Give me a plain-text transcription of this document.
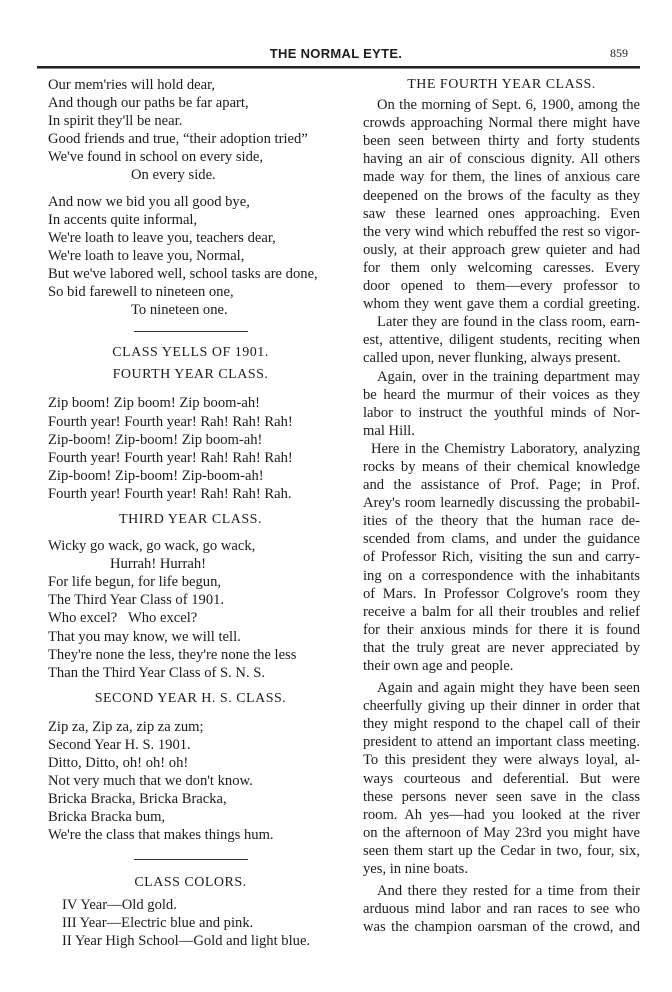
THE NORMAL EYTE.	859
Our mem'ries will hold dear,
And though our paths be far apart,
In spirit they'll be near.
Good friends and true, “their adoption tried”
We've found in school on every side,
On every side.
And now we bid you all good bye,
In accents quite informal,
We're loath to leave you, teachers dear,
We're loath to leave you, Normal,
But we've labored well, school tasks are done,
So bid farewell to nineteen one,
To nineteen one.
CLASS YELLS OF 1901.
FOURTH YEAR CLASS.
Zip boom! Zip boom! Zip boom-ah!
Fourth year! Fourth year! Rah! Rah! Rah!
Zip-boom! Zip-boom! Zip boom-ah!
Fourth year! Fourth year! Rah! Rah! Rah!
Zip-boom! Zip-boom! Zip-boom-ah!
Fourth year! Fourth year! Rah! Rah! Rah.
THIRD YEAR CLASS.
Wicky go wack, go wack, go wack,
Hurrah! Hurrah!
For life begun, for life begun,
The Third Year Class of 1901.
Who excel?   Who excel?
That you may know, we will tell.
They're none the less, they're none the less
Than the Third Year Class of S. N. S.
SECOND YEAR H. S. CLASS.
Zip za, Zip za, zip za zum;
Second Year H. S. 1901.
Ditto, Ditto, oh! oh! oh!
Not very much that we don't know.
Bricka Bracka, Bricka Bracka,
Bricka Bracka bum,
We're the class that makes things hum.
CLASS COLORS.
IV Year—Old gold.
III Year—Electric blue and pink.
II Year High School—Gold and light blue.
THE FOURTH YEAR CLASS.
On the morning of Sept. 6, 1900, among the
crowds approaching Normal there might have
been seen between thirty and forty students
having an air of conscious dignity. All others
made way for them, the lines of anxious care
deepened on the brows of the faculty as they
saw these learned ones approaching. Even
the very wind which rebuffed the rest so vigor-
ously, at their approach grew quieter and had
for them only welcoming caresses. Every
door opened to them—every professor to
whom they went gave them a cordial greeting.
Later they are found in the class room, earn-
est, attentive, diligent students, reciting when
called upon, never flunking, always present.
Again, over in the training department may
be heard the murmur of their voices as they
labor to instruct the youthful minds of Nor-
mal Hill.
Here in the Chemistry Laboratory, analyzing
rocks by means of their chemical knowledge
and the assistance of Prof. Page; in Prof.
Arey's room learnedly discussing the probabil-
ities of the theory that the human race de-
scended from clams, and under the guidance
of Professor Rich, visiting the sun and carry-
ing on a correspondence with the inhabitants
of Mars. In Professor Colgrove's room they
receive a balm for all their troubles and relief
for their anxious minds for there it is found
that the truly great are never appreciated by
their own age and people.
Again and again might they have been seen
cheerfully giving up their dinner in order that
they might respond to the chapel call of their
president to attend an important class meeting.
To this president they were always loyal, al-
ways courteous and deferential. But were
these persons never seen save in the class
room. Ah yes—had you looked at the river
on the afternoon of May 23rd you might have
seen them start up the Cedar in two, four, six,
yes, in nine boats.
And there they rested for a time from their
arduous mind labor and ran races to see who
was the champion oarsman of the crowd, and
